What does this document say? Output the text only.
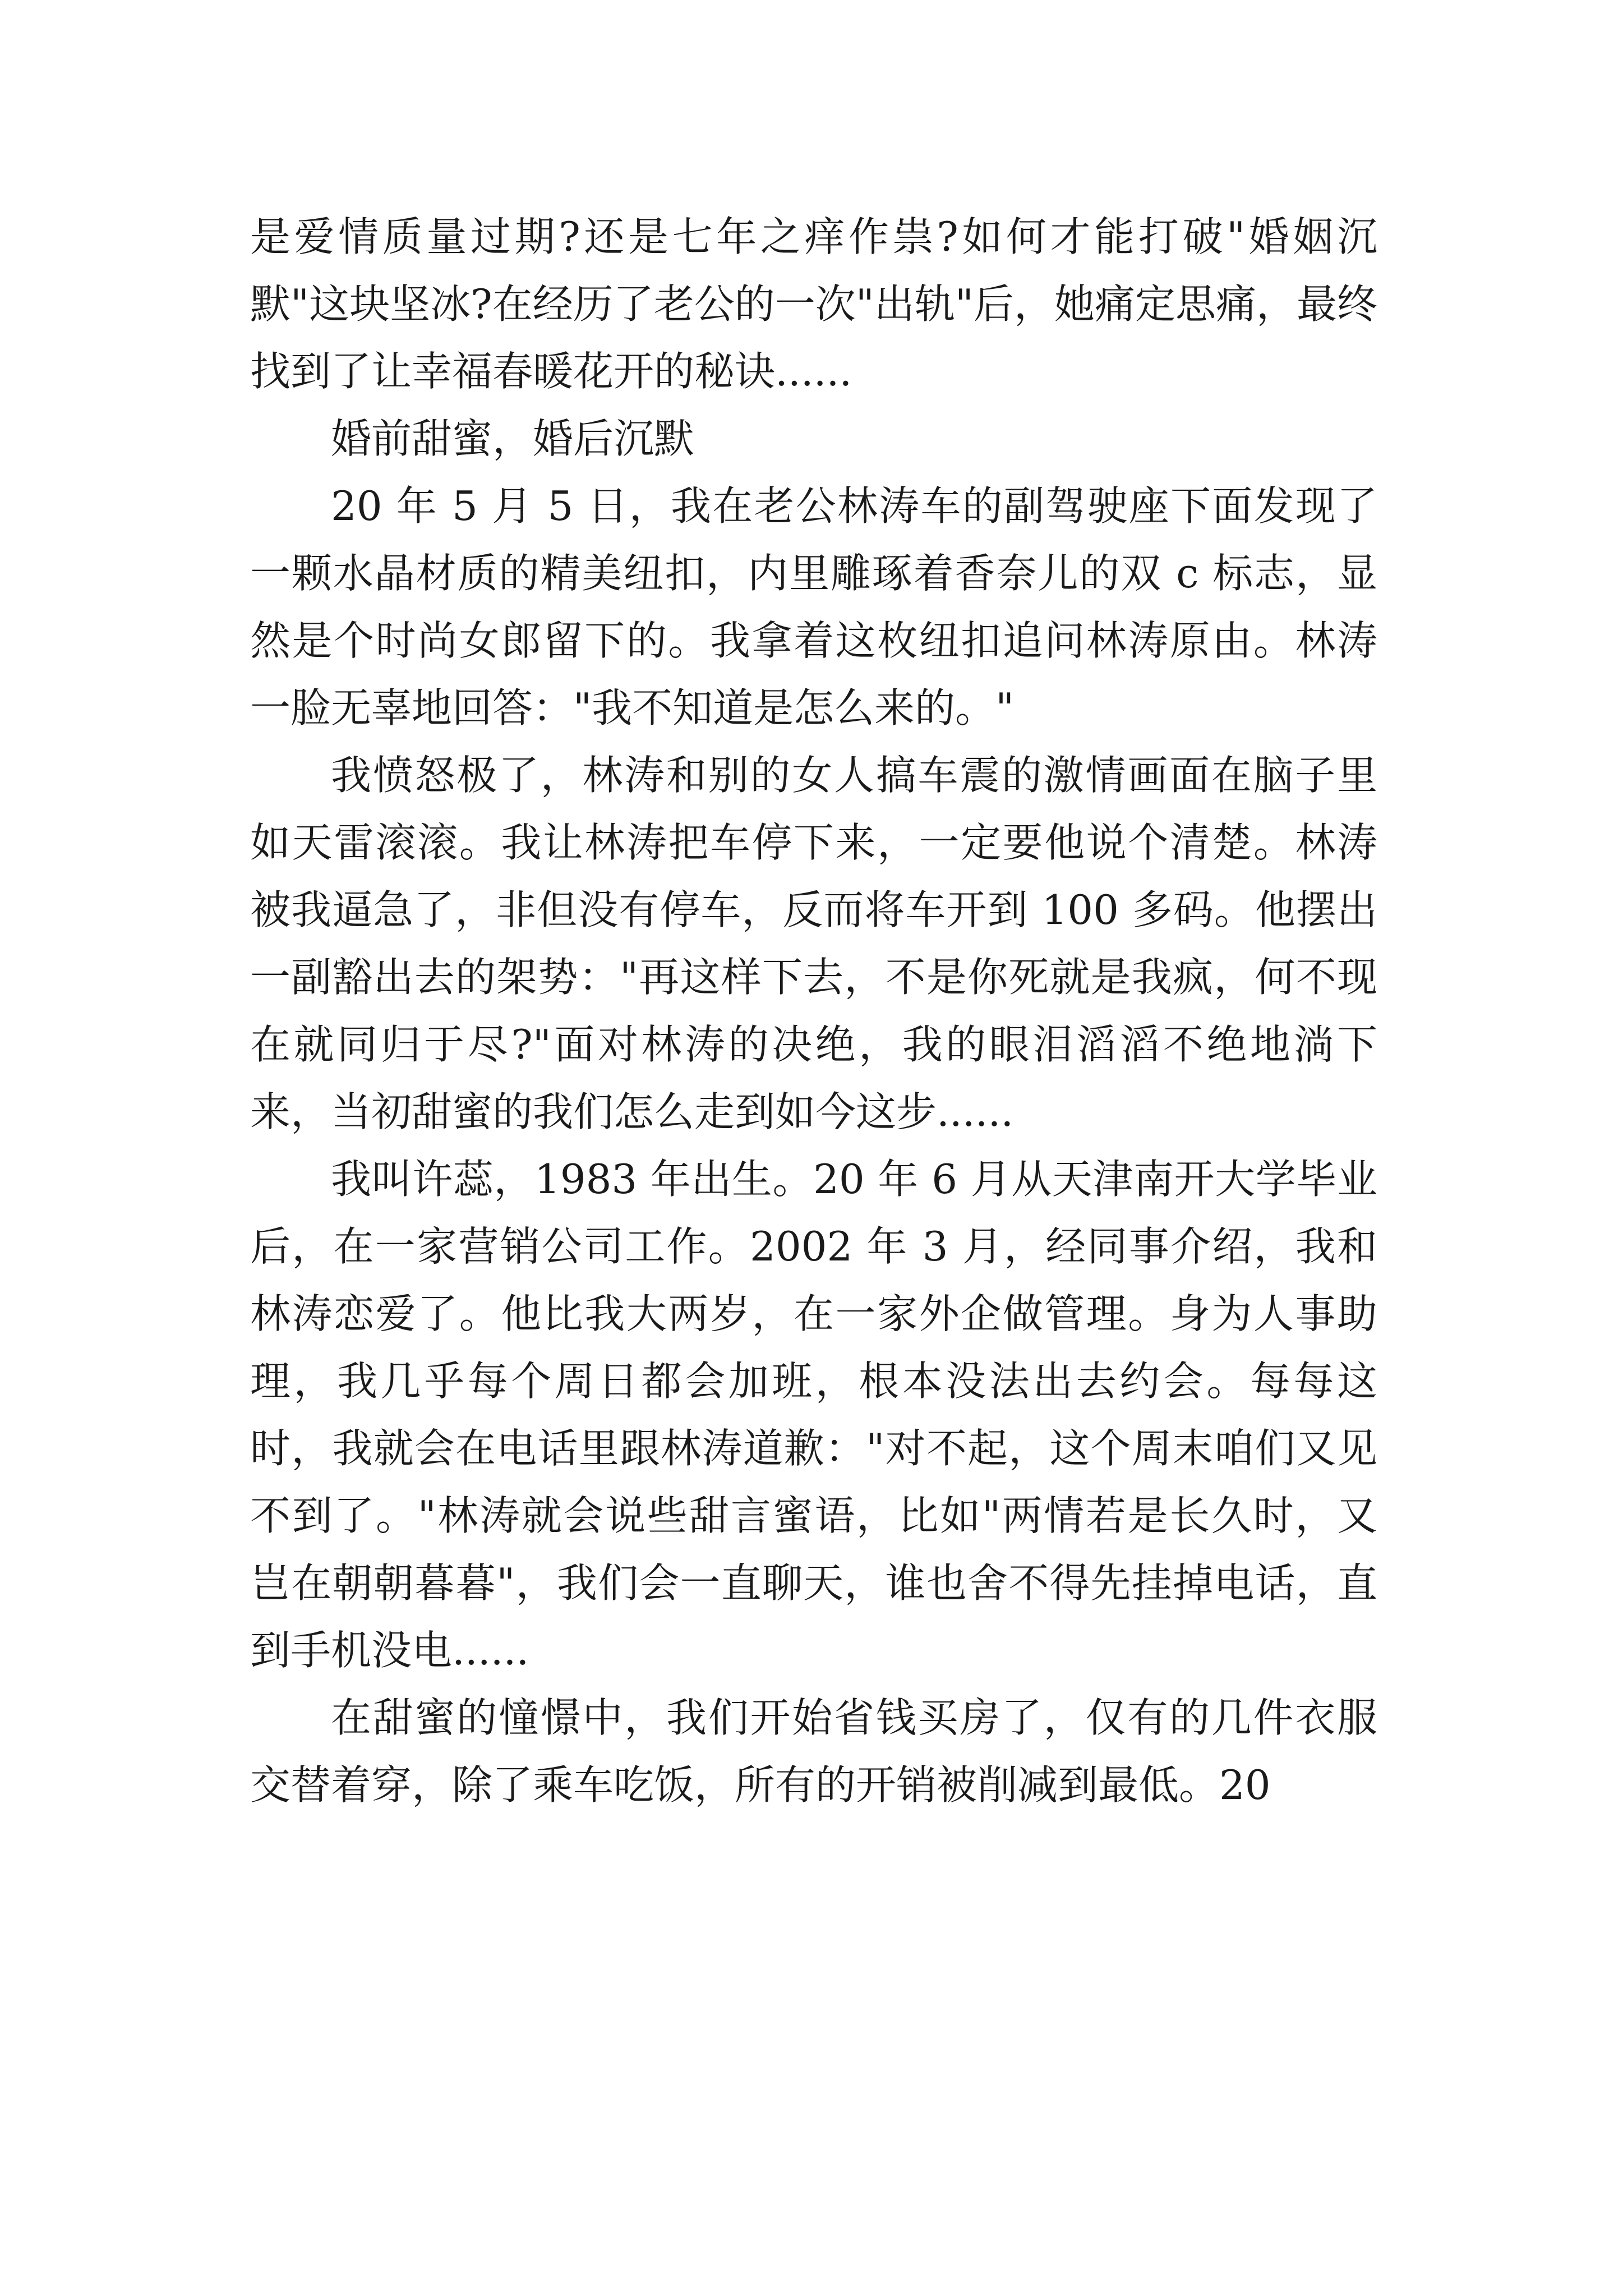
是爱情质量过期?还是七年之痒作祟?如何才能打破"婚姻沉默"这块坚冰?在经历了老公的一次"出轨"后，她痛定思痛，最终找到了让幸福春暖花开的秘诀......

婚前甜蜜，婚后沉默

20 年 5 月 5 日，我在老公林涛车的副驾驶座下面发现了一颗水晶材质的精美纽扣，内里雕琢着香奈儿的双 c 标志，显然是个时尚女郎留下的。我拿着这枚纽扣追问林涛原由。林涛一脸无辜地回答："我不知道是怎么来的。"

我愤怒极了，林涛和别的女人搞车震的激情画面在脑子里如天雷滚滚。我让林涛把车停下来，一定要他说个清楚。林涛被我逼急了，非但没有停车，反而将车开到 100 多码。他摆出一副豁出去的架势："再这样下去，不是你死就是我疯，何不现在就同归于尽?"面对林涛的决绝，我的眼泪滔滔不绝地淌下来，当初甜蜜的我们怎么走到如今这步......

我叫许蕊，1983 年出生。20 年 6 月从天津南开大学毕业后，在一家营销公司工作。2002 年 3 月，经同事介绍，我和林涛恋爱了。他比我大两岁，在一家外企做管理。身为人事助理，我几乎每个周日都会加班，根本没法出去约会。每每这时，我就会在电话里跟林涛道歉："对不起，这个周末咱们又见不到了。"林涛就会说些甜言蜜语，比如"两情若是长久时，又岂在朝朝暮暮"，我们会一直聊天，谁也舍不得先挂掉电话，直到手机没电......

在甜蜜的憧憬中，我们开始省钱买房了，仅有的几件衣服交替着穿，除了乘车吃饭，所有的开销被削减到最低。20
